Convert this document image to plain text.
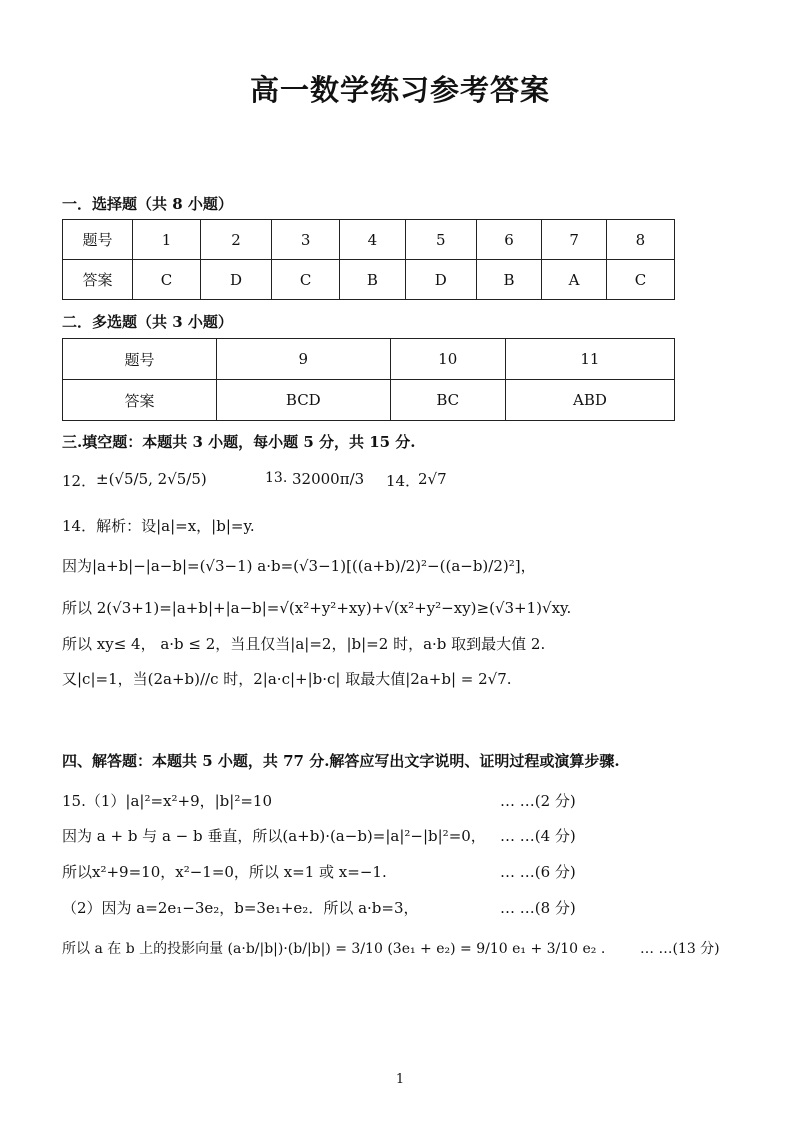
高一数学练习参考答案
一．选择题（共 8 小题）
题号	1	2	3	4	5	6	7	8
答案	C	D	C	B	D	B	A	C
二．多选题（共 3 小题）
题号	9	10	11
答案	BCD	BC	ABD
三.填空题：本题共 3 小题，每小题 5 分，共 15 分.
12． ±(√5/5, 2√5/5)	13. 32000π/3 14．
2√7
14．解析：设|a|=x，|b|=y.
因为|a+b|−|a−b|=(√3−1) a·b=(√3−1)[((a+b)/2)²−((a−b)/2)²]，
所以 2(√3+1)=|a+b|+|a−b|=√(x²+y²+xy)+√(x²+y²−xy)≥(√3+1)√xy.
所以 xy≤ 4， a·b ≤ 2，当且仅当|a|=2，|b|=2 时，a·b 取到最大值 2.
又|c|=1，当(2a+b)//c 时，2|a·c|+|b·c| 取最大值|2a+b| = 2√7.
四、解答题：本题共 5 小题，共 77 分.解答应写出文字说明、证明过程或演算步骤.
15.（1）|a|²=x²+9，|b|²=10	… …(2 分)
因为 a + b 与 a − b 垂直，所以(a+b)·(a−b)=|a|²−|b|²=0， … …(4 分)
所以x²+9=10，x²−1=0，所以 x=1 或 x=−1.	… …(6 分)
（2）因为 a=2e₁−3e₂，b=3e₁+e₂．所以 a·b=3，	… …(8 分)
所以 a 在 b 上的投影向量 (a·b/|b|)·(b/|b|) = 3/10 (3e₁ + e₂) = 9/10 e₁ + 3/10 e₂ . … …(13 分)
1
